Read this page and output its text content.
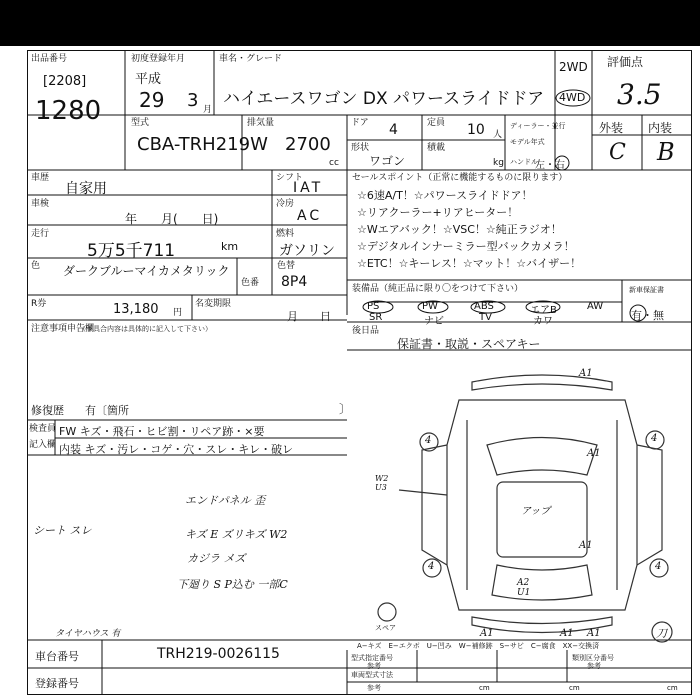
出品番号
[2208]
1280
初度登録年月
平成
29 3 月
車名・グレード
ハイエースワゴン DX パワースライドドア
2WD
4WD
評価点
3.5
外装 内装
C B
型式
CBA-TRH219W
排気量
2700
cc
ドア 4	定員 10 人
ディーラー・並行
モデル年式
形状
ワゴン
積載
kg ハンドル
左・右
車歴
自家用
車検
年　　月(　　日)
走行
5万5千711	km
色 ダークブルーマイカメタリック
R券	13,180 円
名変期限
月　　日
注意事項申告欄
（不具合内容は具体的に記入して下さい）
修復歴 有〔箇所	〕
シフト
IAT
冷房
AC
燃料
ガソリン
色替
色番 8P4
セールスポイント（正常に機能するものに限ります）
☆6速A/T！☆パワースライドドア！
☆リアクーラー+リアヒーター！
☆Wエアバック！☆VSC！☆純正ラジオ！
☆デジタルインナーミラー型バックカメラ！
☆ETC！☆キーレス！☆マット！☆バイザー！
装備品（純正品に限り〇をつけて下さい）
PS	PW	ABS	エアB	AW
SR	ナビ	TV	カワ
新車保証書
有・無
後日品
保証書・取説・スペアキー
検査員
記入欄
FW キズ・飛石・ヒビ割・リペア跡・×要
内装 キズ・汚レ・コゲ・穴・スレ・キレ・破レ
シート スレ
エンドパネル 歪
キズ E ズリキズ W2
カジラ メズ
下廻り S P込む 一部C
タイヤハウス 有
A1
A1
4	4
4	4
W2 U3
A1
アップ
A2 U1
A1	A1 A1
スペア
A−キズ　E−エクボ　U−凹み　W−補修跡　S−サビ　C−腐食　XX−交換済
刀
車台番号	TRH219-0026115
登録番号
型式指定番号
参考
類別区分番号
参考
車両型式寸法
参考	cm	cm	cm
